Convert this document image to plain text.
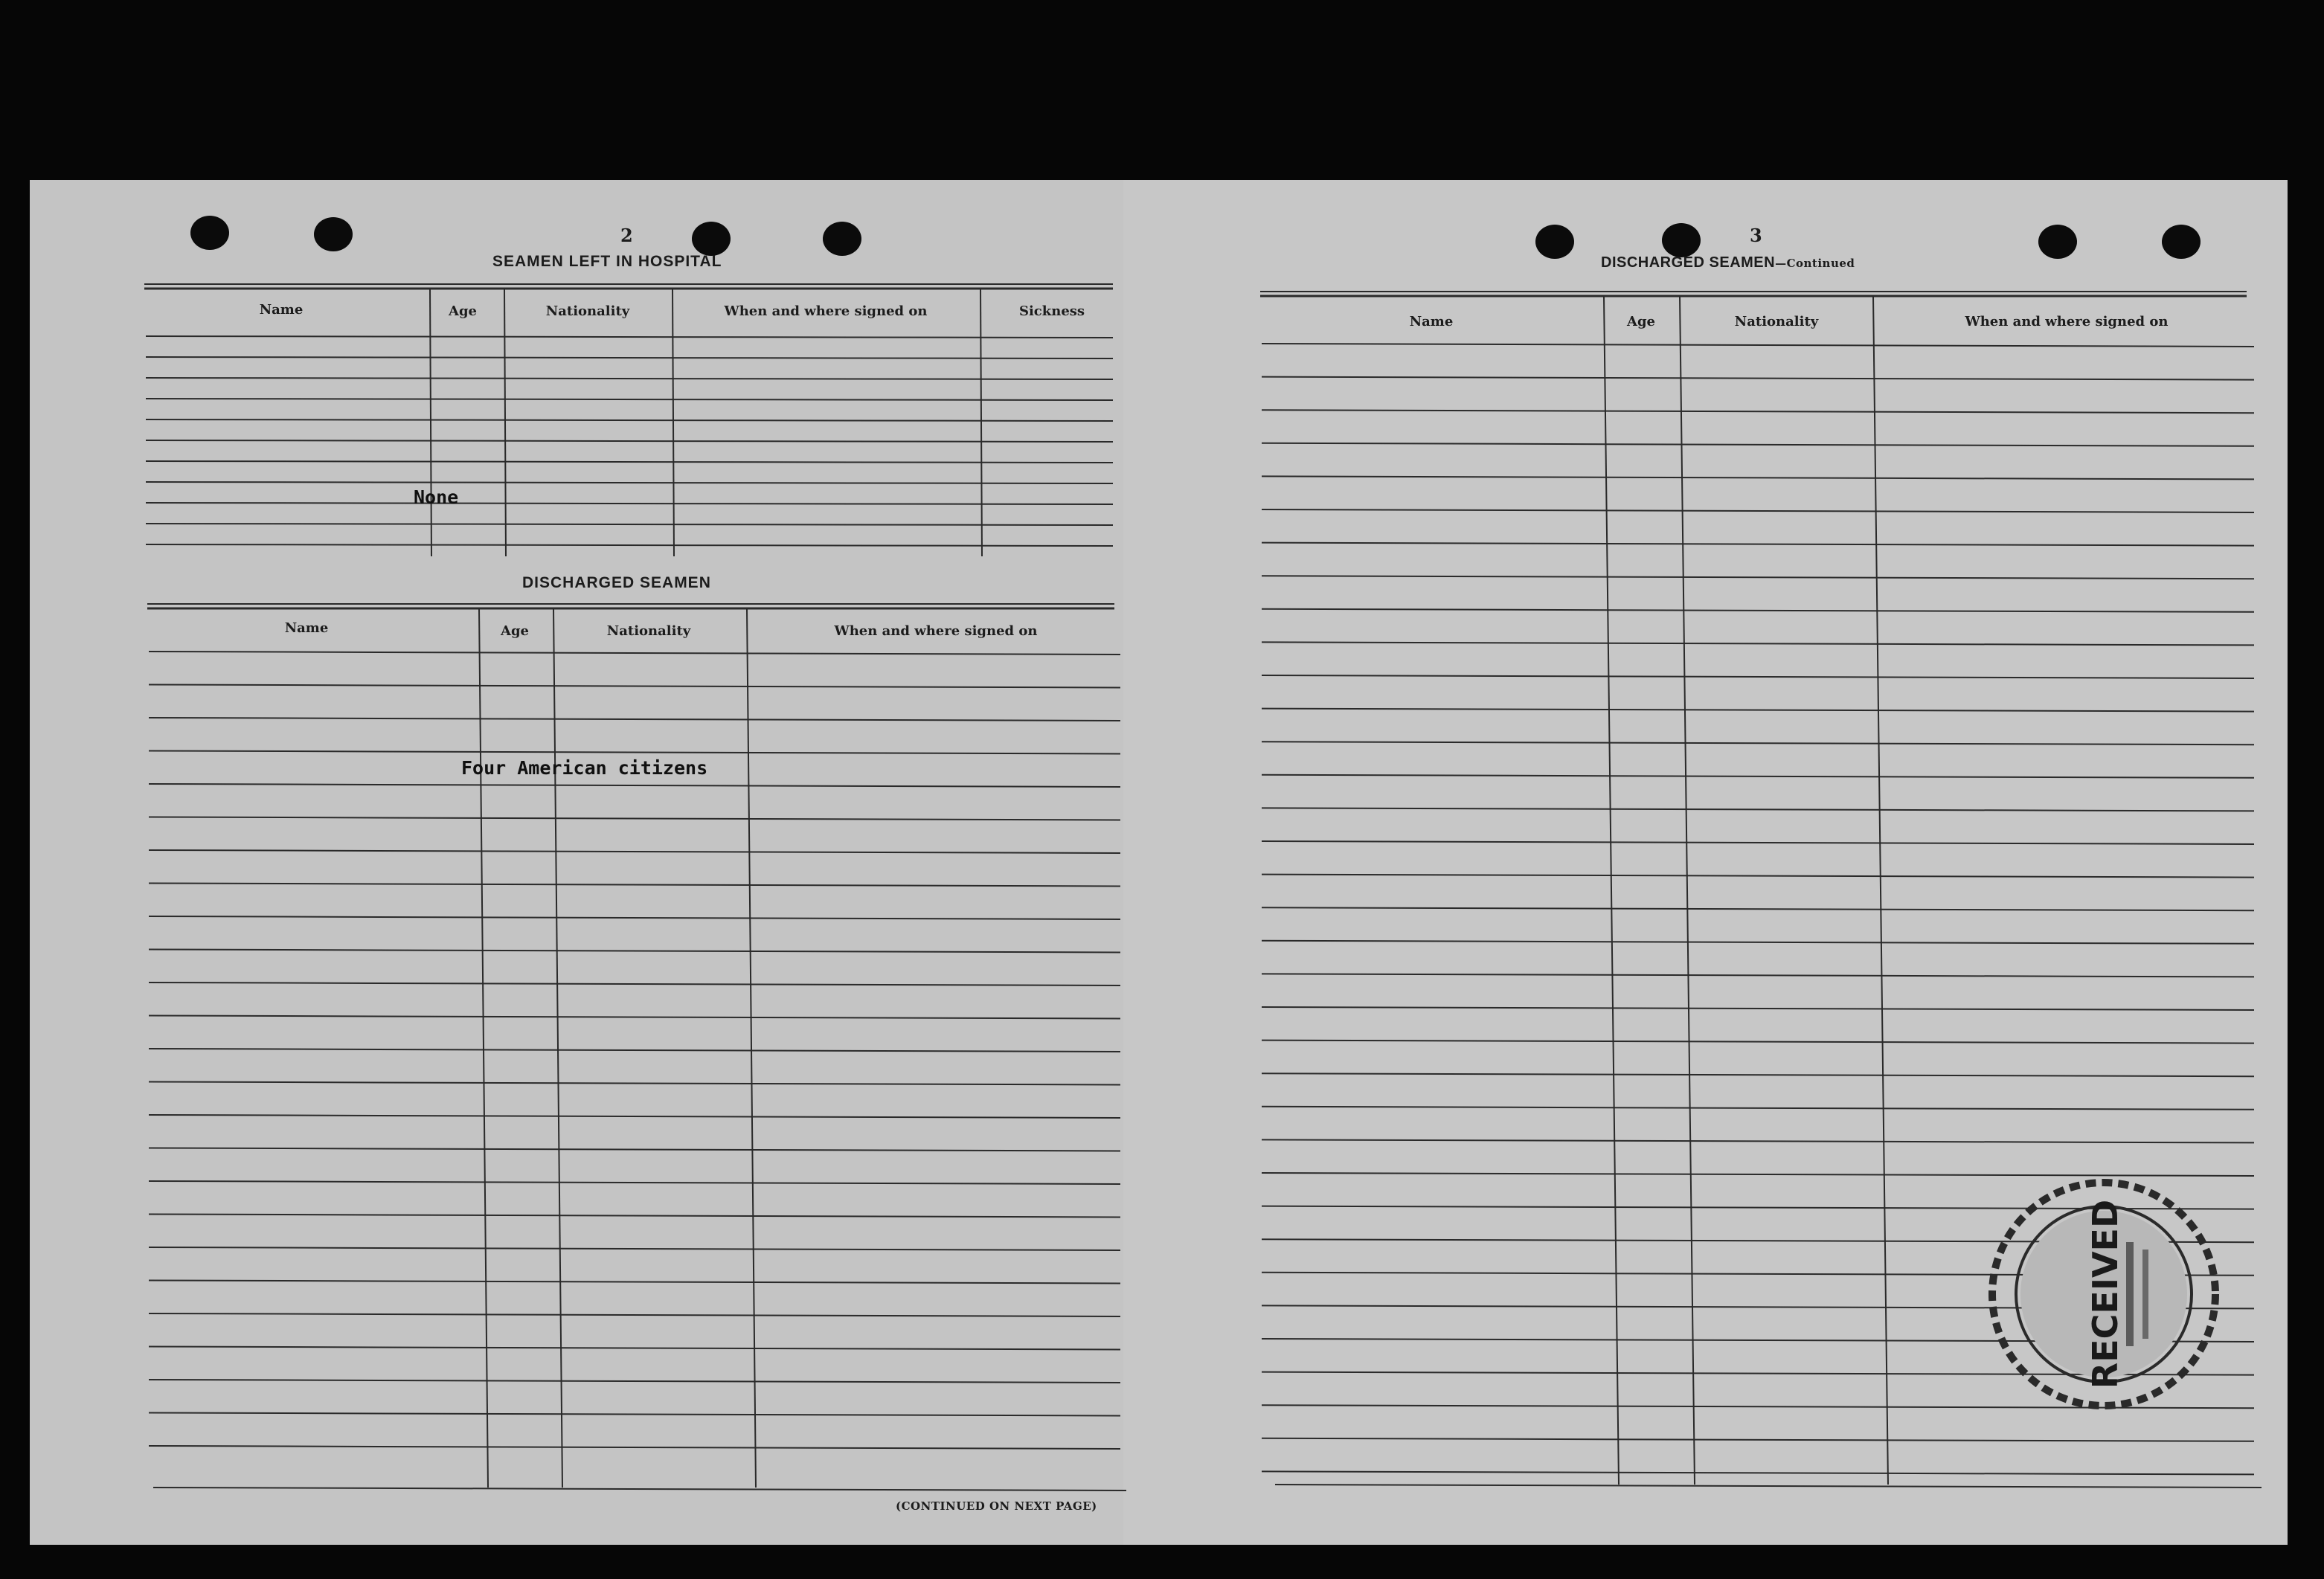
2
SEAMEN LEFT IN HOSPITAL
Name	Age	Nationality	When and where signed on	Sickness
None
DISCHARGED SEAMEN
Name	Age	Nationality	When and where signed on
Four American citizens
(CONTINUED ON NEXT PAGE)
3
DISCHARGED SEAMEN—Continued
Name	Age	Nationality	When and where signed on
RECEIVED
